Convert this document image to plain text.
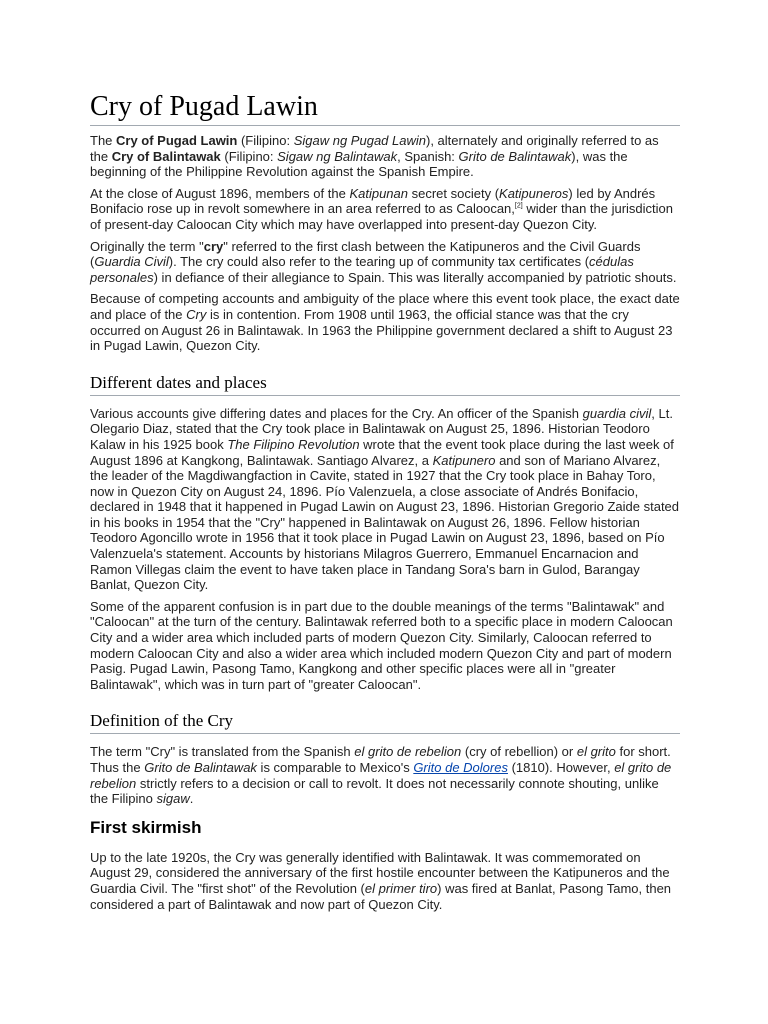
Cry of Pugad Lawin

The Cry of Pugad Lawin (Filipino: Sigaw ng Pugad Lawin), alternately and originally referred to as the Cry of Balintawak (Filipino: Sigaw ng Balintawak, Spanish: Grito de Balintawak), was the beginning of the Philippine Revolution against the Spanish Empire.

At the close of August 1896, members of the Katipunan secret society (Katipuneros) led by Andrés Bonifacio rose up in revolt somewhere in an area referred to as Caloocan,[2] wider than the jurisdiction of present-day Caloocan City which may have overlapped into present-day Quezon City.

Originally the term "cry" referred to the first clash between the Katipuneros and the Civil Guards (Guardia Civil). The cry could also refer to the tearing up of community tax certificates (cédulas personales) in defiance of their allegiance to Spain. This was literally accompanied by patriotic shouts.

Because of competing accounts and ambiguity of the place where this event took place, the exact date and place of the Cry is in contention. From 1908 until 1963, the official stance was that the cry occurred on August 26 in Balintawak. In 1963 the Philippine government declared a shift to August 23 in Pugad Lawin, Quezon City.

Different dates and places

Various accounts give differing dates and places for the Cry. An officer of the Spanish guardia civil, Lt. Olegario Diaz, stated that the Cry took place in Balintawak on August 25, 1896. Historian Teodoro Kalaw in his 1925 book The Filipino Revolution wrote that the event took place during the last week of August 1896 at Kangkong, Balintawak. Santiago Alvarez, a Katipunero and son of Mariano Alvarez, the leader of the Magdiwangfaction in Cavite, stated in 1927 that the Cry took place in Bahay Toro, now in Quezon City on August 24, 1896. Pío Valenzuela, a close associate of Andrés Bonifacio, declared in 1948 that it happened in Pugad Lawin on August 23, 1896. Historian Gregorio Zaide stated in his books in 1954 that the "Cry" happened in Balintawak on August 26, 1896. Fellow historian Teodoro Agoncillo wrote in 1956 that it took place in Pugad Lawin on August 23, 1896, based on Pío Valenzuela's statement. Accounts by historians Milagros Guerrero, Emmanuel Encarnacion and Ramon Villegas claim the event to have taken place in Tandang Sora's barn in Gulod, Barangay Banlat, Quezon City.

Some of the apparent confusion is in part due to the double meanings of the terms "Balintawak" and "Caloocan" at the turn of the century. Balintawak referred both to a specific place in modern Caloocan City and a wider area which included parts of modern Quezon City. Similarly, Caloocan referred to modern Caloocan City and also a wider area which included modern Quezon City and part of modern Pasig. Pugad Lawin, Pasong Tamo, Kangkong and other specific places were all in "greater Balintawak", which was in turn part of "greater Caloocan".

Definition of the Cry

The term "Cry" is translated from the Spanish el grito de rebelion (cry of rebellion) or el grito for short. Thus the Grito de Balintawak is comparable to Mexico's Grito de Dolores (1810). However, el grito de rebelion strictly refers to a decision or call to revolt. It does not necessarily connote shouting, unlike the Filipino sigaw.

First skirmish

Up to the late 1920s, the Cry was generally identified with Balintawak. It was commemorated on August 29, considered the anniversary of the first hostile encounter between the Katipuneros and the Guardia Civil. The "first shot" of the Revolution (el primer tiro) was fired at Banlat, Pasong Tamo, then considered a part of Balintawak and now part of Quezon City.
